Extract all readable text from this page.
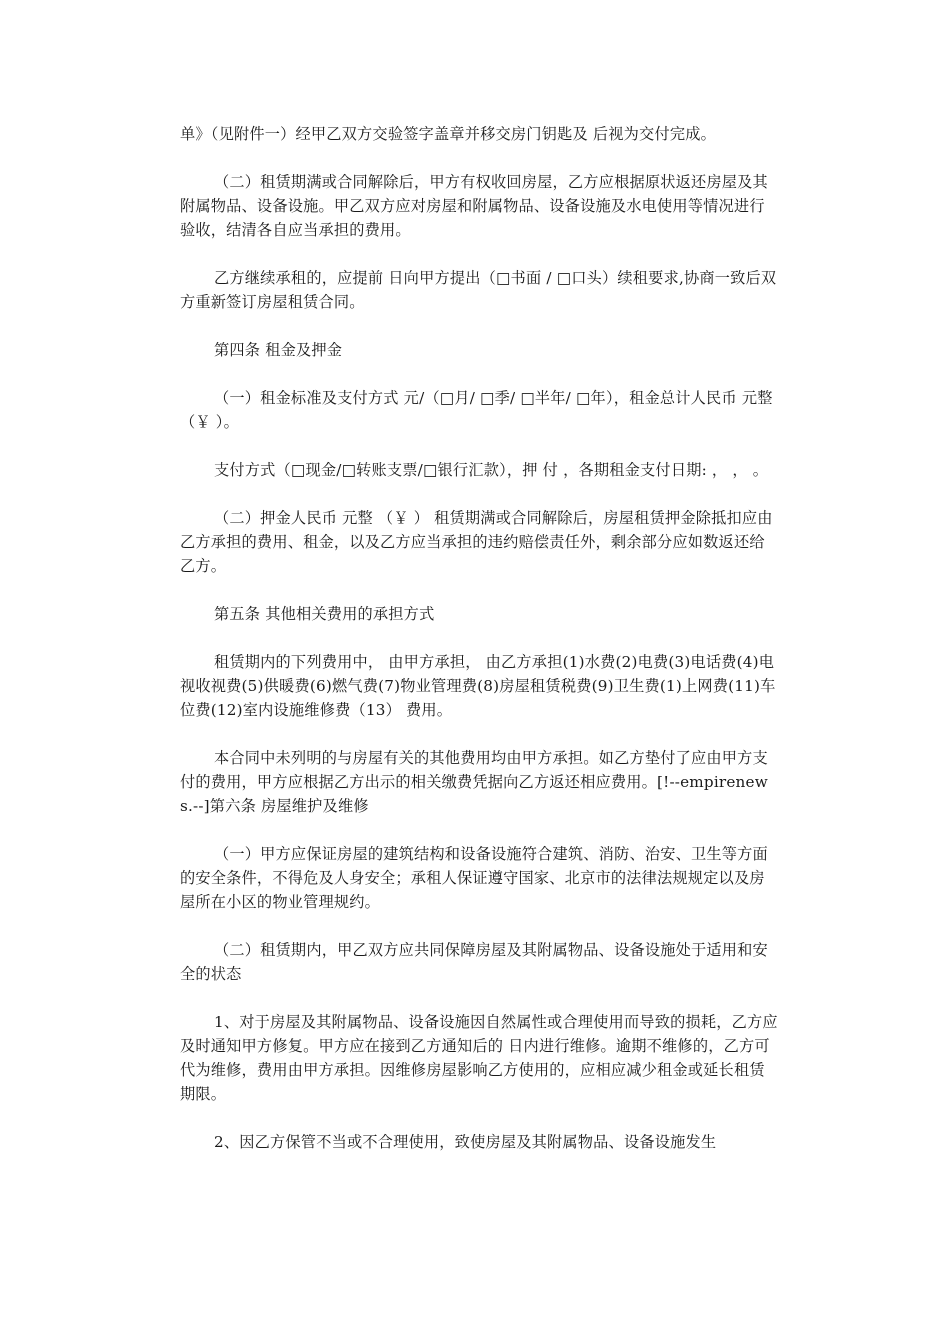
单》（见附件一）经甲乙双方交验签字盖章并移交房门钥匙及 后视为交付完成。

（二）租赁期满或合同解除后，甲方有权收回房屋，乙方应根据原状返还房屋及其附属物品、设备设施。甲乙双方应对房屋和附属物品、设备设施及水电使用等情况进行验收，结清各自应当承担的费用。

乙方继续承租的，应提前 日向甲方提出（□书面 / □口头）续租要求,协商一致后双方重新签订房屋租赁合同。

第四条 租金及押金

（一）租金标准及支付方式 元/（□月/ □季/ □半年/ □年），租金总计人民币 元整（￥ ）。

支付方式（□现金/□转账支票/□银行汇款），押 付 ，各期租金支付日期: ， ， 。

（二）押金人民币 元整 （￥ ） 租赁期满或合同解除后，房屋租赁押金除抵扣应由乙方承担的费用、租金，以及乙方应当承担的违约赔偿责任外，剩余部分应如数返还给乙方。

第五条 其他相关费用的承担方式

租赁期内的下列费用中， 由甲方承担， 由乙方承担(1)水费(2)电费(3)电话费(4)电视收视费(5)供暖费(6)燃气费(7)物业管理费(8)房屋租赁税费(9)卫生费(1)上网费(11)车位费(12)室内设施维修费（13） 费用。

本合同中未列明的与房屋有关的其他费用均由甲方承担。如乙方垫付了应由甲方支付的费用，甲方应根据乙方出示的相关缴费凭据向乙方返还相应费用。[!--empirenews.--]第六条 房屋维护及维修

（一）甲方应保证房屋的建筑结构和设备设施符合建筑、消防、治安、卫生等方面的安全条件，不得危及人身安全；承租人保证遵守国家、北京市的法律法规规定以及房屋所在小区的物业管理规约。

（二）租赁期内，甲乙双方应共同保障房屋及其附属物品、设备设施处于适用和安全的状态

1、对于房屋及其附属物品、设备设施因自然属性或合理使用而导致的损耗，乙方应及时通知甲方修复。甲方应在接到乙方通知后的 日内进行维修。逾期不维修的，乙方可代为维修，费用由甲方承担。因维修房屋影响乙方使用的，应相应减少租金或延长租赁期限。

2、因乙方保管不当或不合理使用，致使房屋及其附属物品、设备设施发生
